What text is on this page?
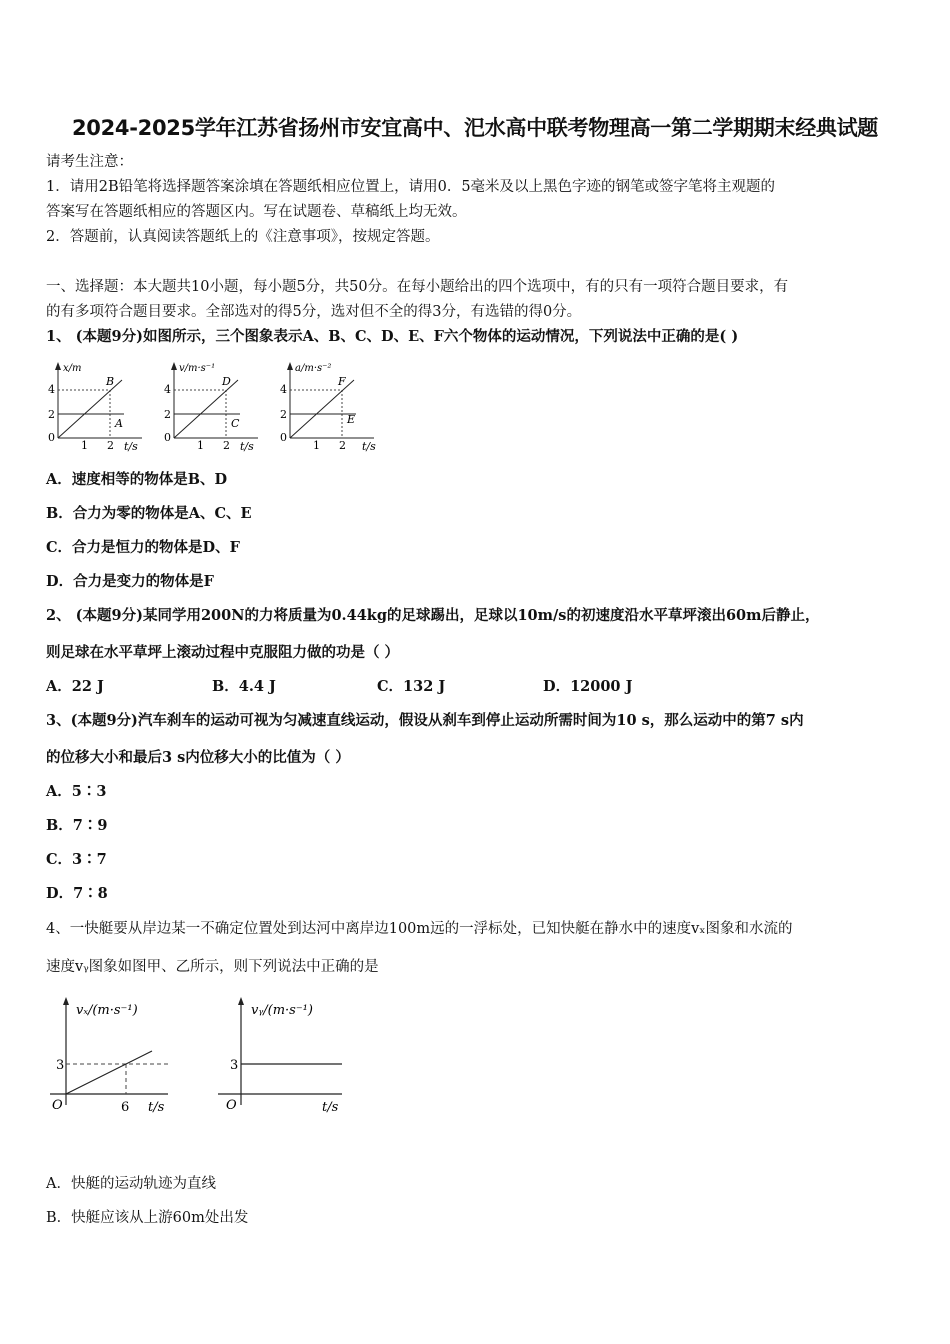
2024-2025学年江苏省扬州市安宜高中、汜水高中联考物理高一第二学期期末经典试题
请考生注意：
1．请用2B铅笔将选择题答案涂填在答题纸相应位置上，请用0．5毫米及以上黑色字迹的钢笔或签字笔将主观题的
答案写在答题纸相应的答题区内。写在试题卷、草稿纸上均无效。
2．答题前，认真阅读答题纸上的《注意事项》，按规定答题。
一、选择题：本大题共10小题，每小题5分，共50分。在每小题给出的四个选项中，有的只有一项符合题目要求，有
的有多项符合题目要求。全部选对的得5分，选对但不全的得3分，有选错的得0分。
1、 (本题9分)如图所示，三个图象表示A、B、C、D、E、F六个物体的运动情况，下列说法中正确的是( )
x/m
4
2
0
1 2 t/s
B
A
v/m·s⁻¹
4
2
0
1 2 t/s
D
C
a/m·s⁻²
4
2
0
1 2 t/s
F
E
A．速度相等的物体是B、D
B．合力为零的物体是A、C、E
C．合力是恒力的物体是D、F
D．合力是变力的物体是F
2、 (本题9分)某同学用200N的力将质量为0.44kg的足球踢出，足球以10m/s的初速度沿水平草坪滚出60m后静止，
则足球在水平草坪上滚动过程中克服阻力做的功是（ ）
A．22 J	B．4.4 J	C．132 J	D．12000 J
3、(本题9分)汽车刹车的运动可视为匀减速直线运动，假设从刹车到停止运动所需时间为10 s，那么运动中的第7 s内
的位移大小和最后3 s内位移大小的比值为（ ）
A．5∶3
B．7∶9
C．3∶7
D．7∶8
4、一快艇要从岸边某一不确定位置处到达河中离岸边100m远的一浮标处，已知快艇在静水中的速度vₓ图象和水流的
速度vᵧ图象如图甲、乙所示，则下列说法中正确的是
vₓ/(m·s⁻¹)
3
O	6 t/s
vᵧ/(m·s⁻¹)
3
O	t/s
A．快艇的运动轨迹为直线
B．快艇应该从上游60m处出发
